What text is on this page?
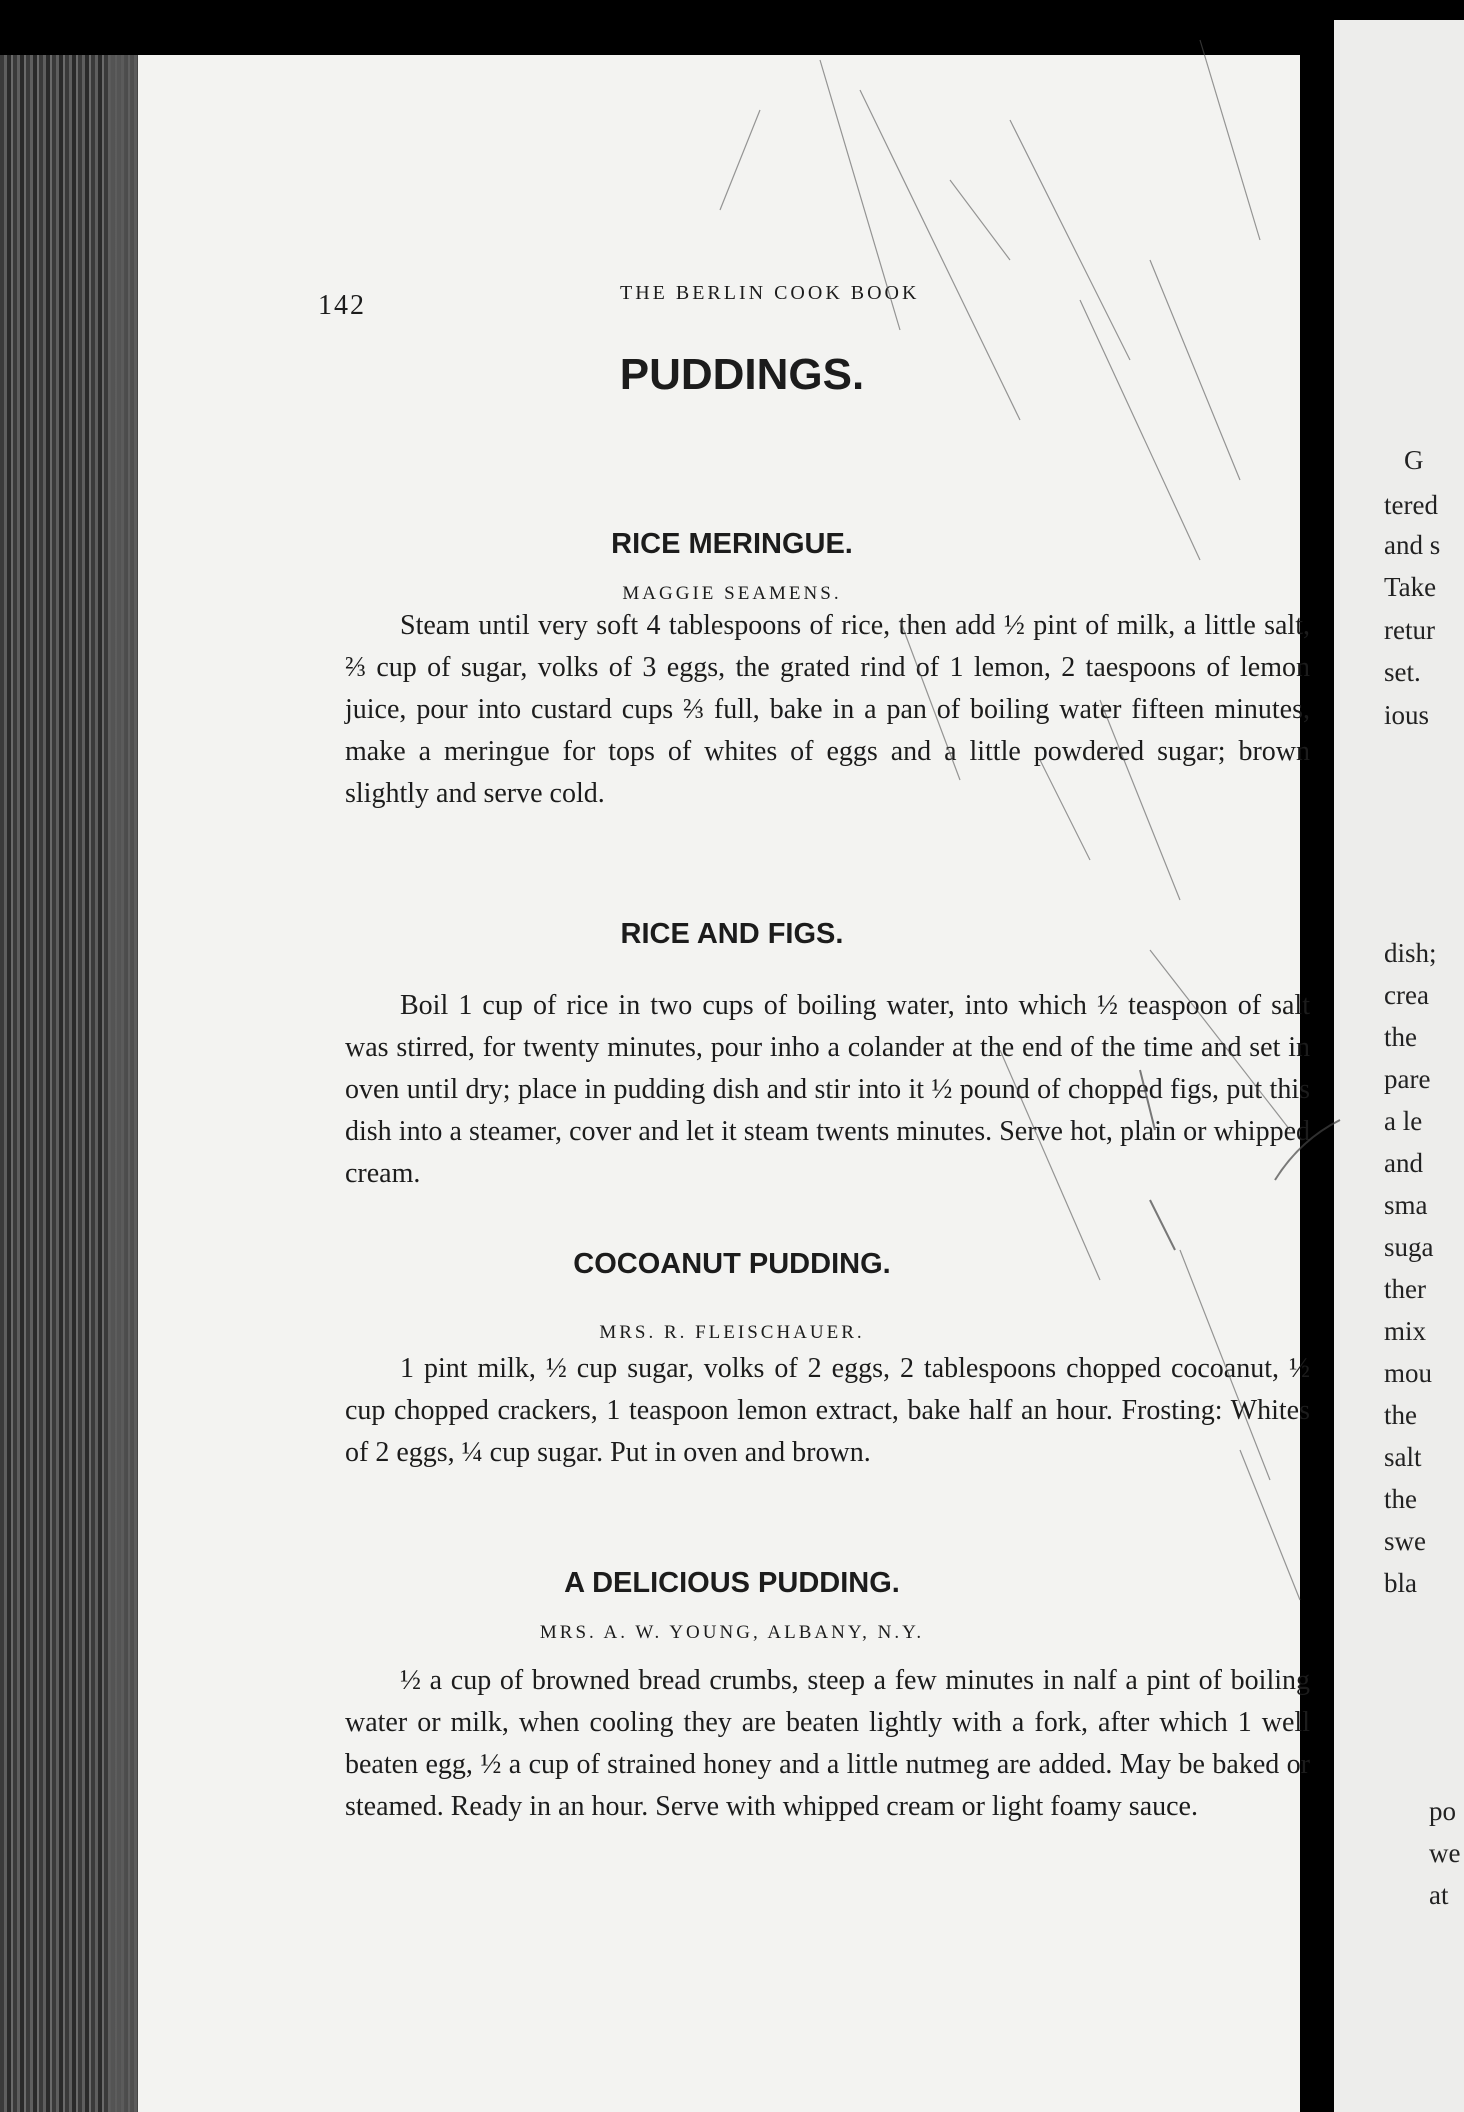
G
tered
and s
Take
retur
set.
ious
dish;
crea
the
pare
a le
and
sma
suga
ther
mix
mou
the
salt
the
swe
bla
po
we
at
142	THE BERLIN COOK BOOK
PUDDINGS.
RICE MERINGUE.
MAGGIE SEAMENS.
Steam until very soft 4 tablespoons of rice, then add ½ pint of milk, a little salt, ⅔ cup of sugar, volks of 3 eggs, the grated rind of 1 lemon, 2 taespoons of lemon juice, pour into custard cups ⅔ full, bake in a pan of boiling water fifteen minutes, make a meringue for tops of whites of eggs and a little powdered sugar; brown slightly and serve cold.
RICE AND FIGS.
Boil 1 cup of rice in two cups of boiling water, into which ½ teaspoon of salt was stirred, for twenty minutes, pour inho a colander at the end of the time and set in oven until dry; place in pudding dish and stir into it ½ pound of chopped figs, put this dish into a steamer, cover and let it steam twents minutes. Serve hot, plain or whipped cream.
COCOANUT PUDDING.
MRS. R. FLEISCHAUER.
1 pint milk, ½ cup sugar, volks of 2 eggs, 2 tablespoons chopped cocoanut, ½ cup chopped crackers, 1 teaspoon lemon extract, bake half an hour. Frosting: Whites of 2 eggs, ¼ cup sugar. Put in oven and brown.
A DELICIOUS PUDDING.
MRS. A. W. YOUNG, ALBANY, N.Y.
½ a cup of browned bread crumbs, steep a few minutes in nalf a pint of boiling water or milk, when cooling they are beaten lightly with a fork, after which 1 well beaten egg, ½ a cup of strained honey and a little nutmeg are added. May be baked or steamed. Ready in an hour. Serve with whipped cream or light foamy sauce.
